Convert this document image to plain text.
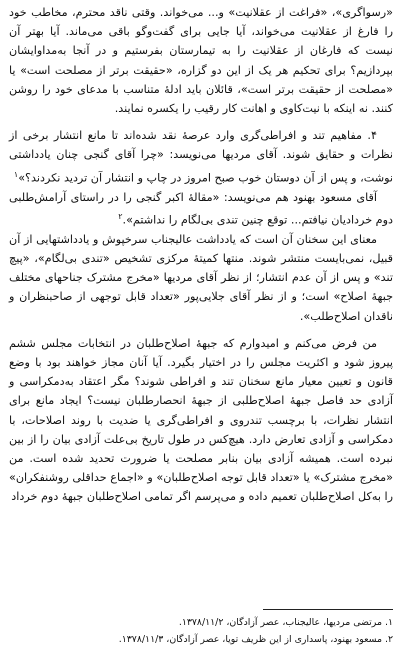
«رسواگری»، «فراغت از عقلانیت» و... می‌خواند. وقتی ناقد محترم، مخاطب خود را فارغ از عقلانیت می‌خواند، آیا جایی برای گفت‌وگو باقی می‌ماند. آیا بهتر آن نیست که فارغان از عقلانیت را به تیمارستان بفرستیم و در آنجا به‌مداوایشان بپردازیم؟ برای تحکیم هر یک از این دو گزاره، «حقیقت برتر از مصلحت است» یا «مصلحت از حقیقت برتر است»، قائلان باید ادلهٔ متناسب با مدعای خود را روشن کنند. نه اینکه با نیت‌کاوی و اهانت کار رقیب را یکسره نمایند.

۴. مفاهیم تند و افراطی‌گری وارد عرصهٔ نقد شده‌اند تا مانع انتشار برخی از نظرات و حقایق شوند. آقای مردیها می‌نویسد: «چرا آقای گنجی چنان یادداشتی نوشت، و پس از آن دوستان خوب صبح امروز در چاپ و انتشار آن تردید نکردند؟»$^۱$

آقای مسعود بهنود هم می‌نویسد: «مقالهٔ اکبر گنجی را در راستای آرامش‌طلبی دوم خردادیان نیافتم... توقع چنین تندی بی‌لگام را نداشتم».$^۲$

معنای این سخنان آن است که یادداشت عالیجناب سرخپوش و یادداشتهایی از آن قبیل، نمی‌بایست منتشر شوند. منتها کمیتهٔ مرکزی تشخیص «تندی بی‌لگام»، «پیچ تند» و پس از آن عدم انتشار؛ از نظر آقای مردیها «مخرج مشترک جناحهای مختلف جبههٔ اصلاح» است؛ و از نظر آقای جلایی‌پور «تعداد قابل توجهی از صاحبنظران و ناقدان اصلاح‌طلب».

من فرض می‌کنم و امیدوارم که جبههٔ اصلاح‌طلبان در انتخابات مجلس ششم پیروز شود و اکثریت مجلس را در اختیار بگیرد. آیا آنان مجاز خواهند بود با وضع قانون و تعیین معیار مانع سخنان تند و افراطی شوند؟ مگر اعتقاد به‌دمکراسی و آزادی حد فاصل جبههٔ اصلاح‌طلبی از جبههٔ انحصارطلبان نیست؟ ایجاد مانع برای انتشار نظرات، با برچسب تندروی و افراطی‌گری یا ضدیت با روند اصلاحات، با دمکراسی و آزادی تعارض دارد. هیچ‌کس در طول تاریخ بی‌علت آزادی بیان را از بین نبرده است. همیشه آزادی بیان بنابر مصلحت یا ضرورت تحدید شده است. من «مخرج مشترک» یا «تعداد قابل توجه اصلاح‌طلبان» و «اجماع حداقلی روشنفکران» را به‌کل اصلاح‌طلبان تعمیم داده و می‌پرسم اگر تمامی اصلاح‌طلبان جبههٔ دوم خرداد

۱. مرتضی مردیها، عالیجناب، عصر آزادگان، ۱۳۷۸/۱۱/۲.

۲. مسعود بهنود، پاسداری از این ظریف تویا، عصر آزادگان، ۱۳۷۸/۱۱/۳.
